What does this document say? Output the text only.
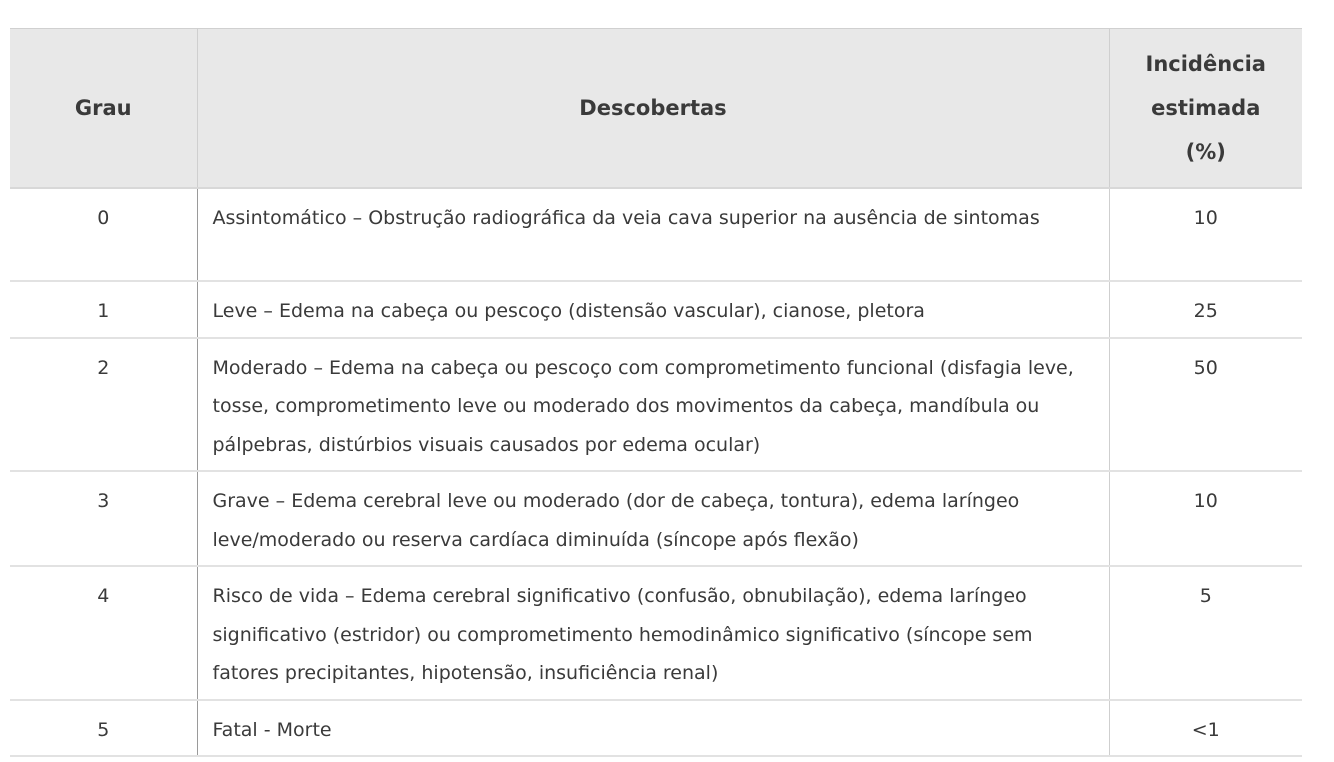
Grau	Descobertas	Incidência
estimada
(%)
0	Assintomático – Obstrução radiográfica da veia cava superior na ausência de sintomas	10
1	Leve – Edema na cabeça ou pescoço (distensão vascular), cianose, pletora	25
2	Moderado – Edema na cabeça ou pescoço com comprometimento funcional (disfagia leve, tosse, comprometimento leve ou moderado dos movimentos da cabeça, mandíbula ou pálpebras, distúrbios visuais causados por edema ocular)	50
3	Grave – Edema cerebral leve ou moderado (dor de cabeça, tontura), edema laríngeo leve/moderado ou reserva cardíaca diminuída (síncope após flexão)	10
4	Risco de vida – Edema cerebral significativo (confusão, obnubilação), edema laríngeo significativo (estridor) ou comprometimento hemodinâmico significativo (síncope sem fatores precipitantes, hipotensão, insuficiência renal)	5
5	Fatal - Morte	<1
